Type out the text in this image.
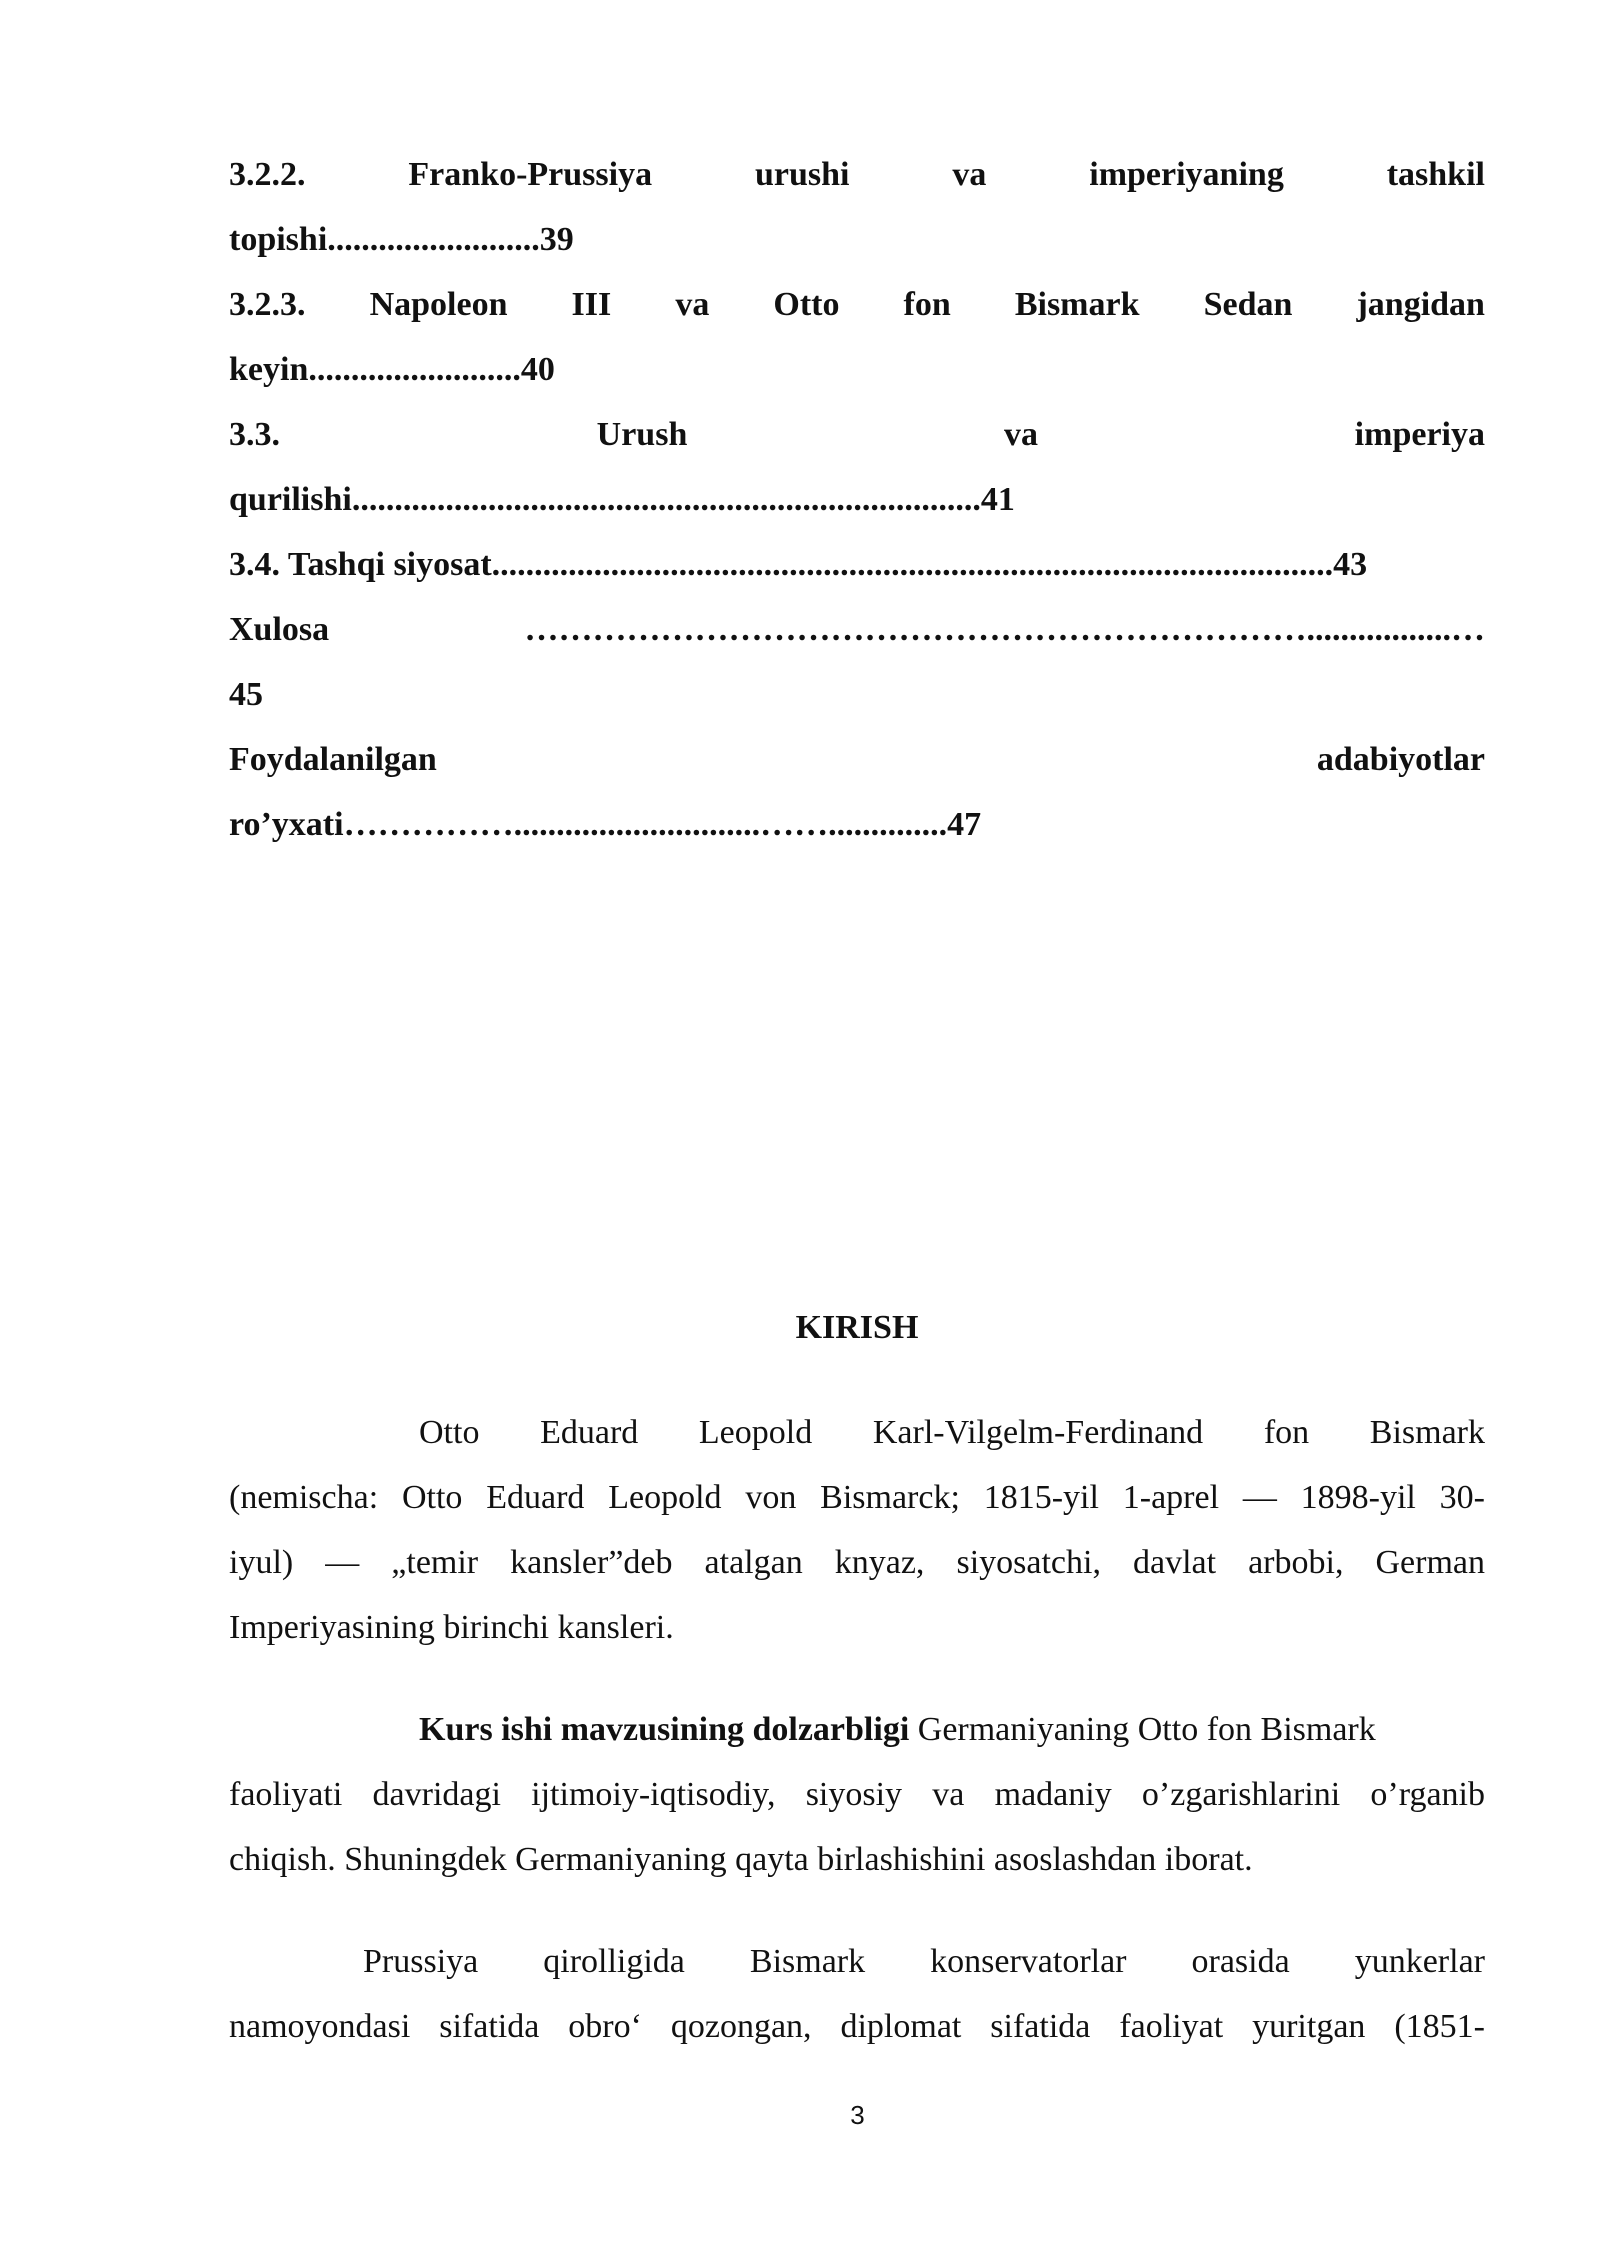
3.2.2.	Franko-Prussiya	urushi	va	imperiyaning	tashkil
topishi.........................39
3.2.3. Napoleon III va Otto fon Bismark Sedan jangidan
keyin.........................40
3.3.	Urush	va	imperiya
qurilishi..........................................................................41
3.4. Tashqi siyosat...................................................................................................43
Xulosa	…………………………………………………………….................…
45
Foydalanilgan	adabiyotlar
ro’yxati…………….............................……..............47
KIRISH
Otto Eduard Leopold Karl-Vilgelm-Ferdinand fon Bismark
(nemischa: Otto Eduard Leopold von Bismarck; 1815-yil 1-aprel — 1898-yil 30-
iyul) — „temir kansler”deb atalgan knyaz, siyosatchi, davlat arbobi, German
Imperiyasining birinchi kansleri.
Kurs ishi mavzusining dolzarbligi Germaniyaning Otto fon Bismark
faoliyati davridagi ijtimoiy-iqtisodiy, siyosiy va madaniy o’zgarishlarini o’rganib
chiqish. Shuningdek Germaniyaning qayta birlashishini asoslashdan iborat.
Prussiya qirolligida Bismark konservatorlar orasida yunkerlar
namoyondasi sifatida obro‘ qozongan, diplomat sifatida faoliyat yuritgan (1851-
3
